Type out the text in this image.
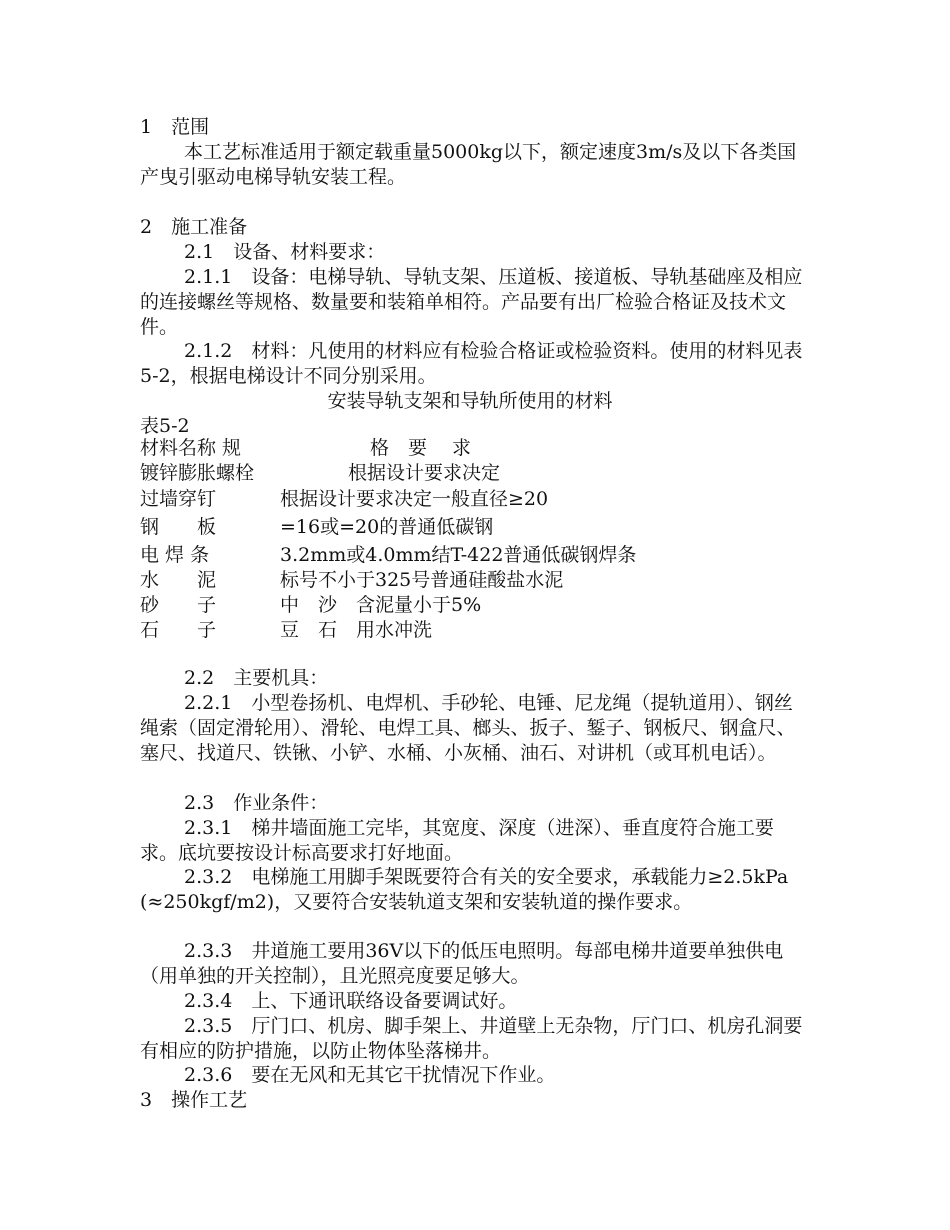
1　范围

本工艺标准适用于额定载重量5000kg以下，额定速度3m/s及以下各类国产曳引驱动电梯导轨安装工程。

2　施工准备

2.1　设备、材料要求：

2.1.1　设备：电梯导轨、导轨支架、压道板、接道板、导轨基础座及相应的连接螺丝等规格、数量要和装箱单相符。产品要有出厂检验合格证及技术文件。

2.1.2　材料：凡使用的材料应有检验合格证或检验资料。使用的材料见表5-2，根据电梯设计不同分别采用。

安装导轨支架和导轨所使用的材料

表5-2

材料名称 规	格　要　 求

镀锌膨胀螺栓	根据设计要求决定

过墙穿钉	根据设计要求决定一般直径≥20

钢　　板	=16或=20的普通低碳钢

电 焊 条	3.2mm或4.0mm结T-422普通低碳钢焊条

水　　泥	标号不小于325号普通硅酸盐水泥

砂　　子	中　沙　含泥量小于5%

石　　子	豆　石　用水冲洗

2.2　主要机具：

2.2.1　小型卷扬机、电焊机、手砂轮、电锤、尼龙绳（提轨道用）、钢丝绳索（固定滑轮用）、滑轮、电焊工具、榔头、扳子、錾子、钢板尺、钢盒尺、塞尺、找道尺、铁锹、小铲、水桶、小灰桶、油石、对讲机（或耳机电话）。

2.3　作业条件：

2.3.1　梯井墙面施工完毕，其宽度、深度（进深）、垂直度符合施工要求。底坑要按设计标高要求打好地面。

2.3.2　电梯施工用脚手架既要符合有关的安全要求，承载能力≥2.5kPa (≈250kgf/m2)，又要符合安装轨道支架和安装轨道的操作要求。

2.3.3　井道施工要用36V以下的低压电照明。每部电梯井道要单独供电（用单独的开关控制），且光照亮度要足够大。

2.3.4　上、下通讯联络设备要调试好。

2.3.5　厅门口、机房、脚手架上、井道壁上无杂物，厅门口、机房孔洞要有相应的防护措施，以防止物体坠落梯井。

2.3.6　要在无风和无其它干扰情况下作业。

3　操作工艺
